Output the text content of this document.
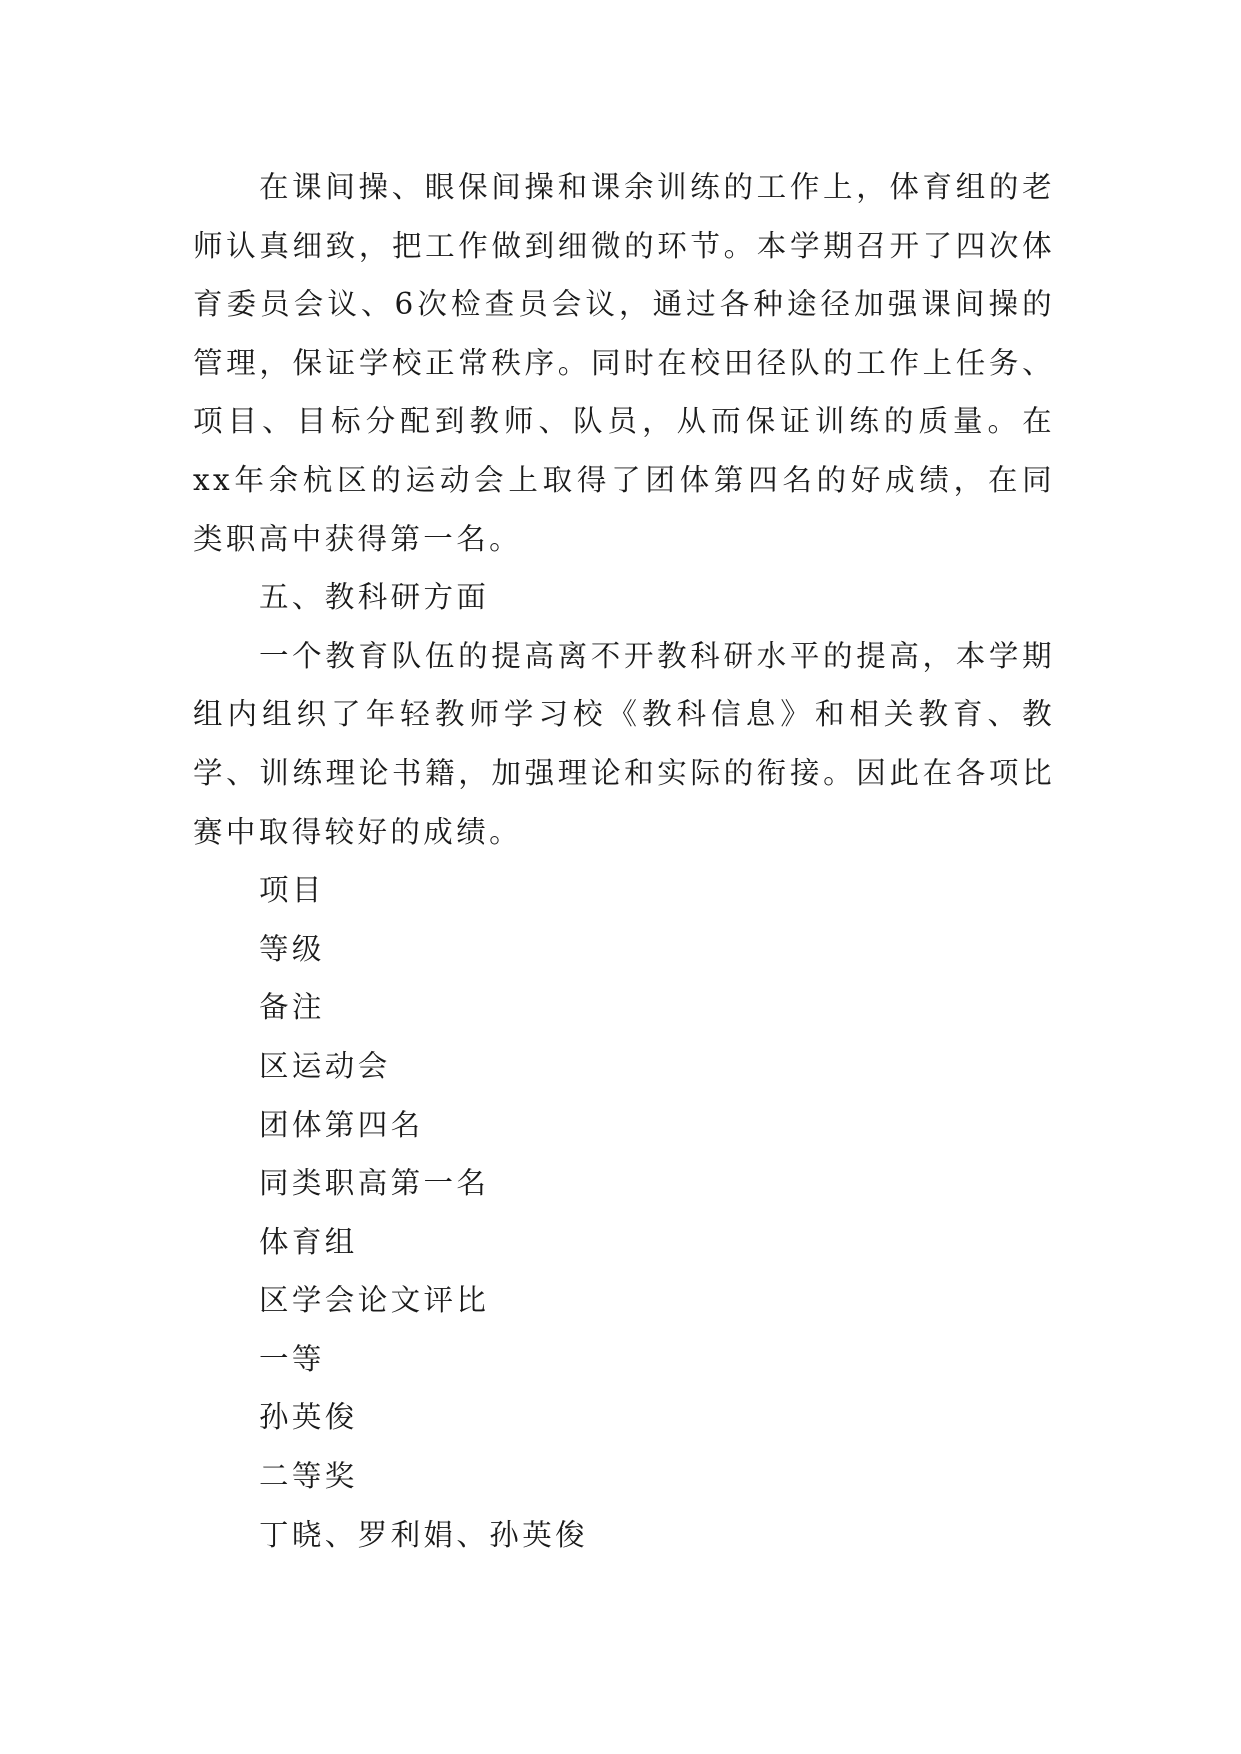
在课间操、眼保间操和课余训练的工作上，体育组的老师认真细致，把工作做到细微的环节。本学期召开了四次体育委员会议、6次检查员会议，通过各种途径加强课间操的管理，保证学校正常秩序。同时在校田径队的工作上任务、项目、目标分配到教师、队员，从而保证训练的质量。在xx年余杭区的运动会上取得了团体第四名的好成绩，在同类职高中获得第一名。

五、教科研方面

一个教育队伍的提高离不开教科研水平的提高，本学期组内组织了年轻教师学习校《教科信息》和相关教育、教学、训练理论书籍，加强理论和实际的衔接。因此在各项比赛中取得较好的成绩。

项目
等级
备注
区运动会
团体第四名
同类职高第一名
体育组
区学会论文评比
一等
孙英俊
二等奖
丁晓、罗利娟、孙英俊
